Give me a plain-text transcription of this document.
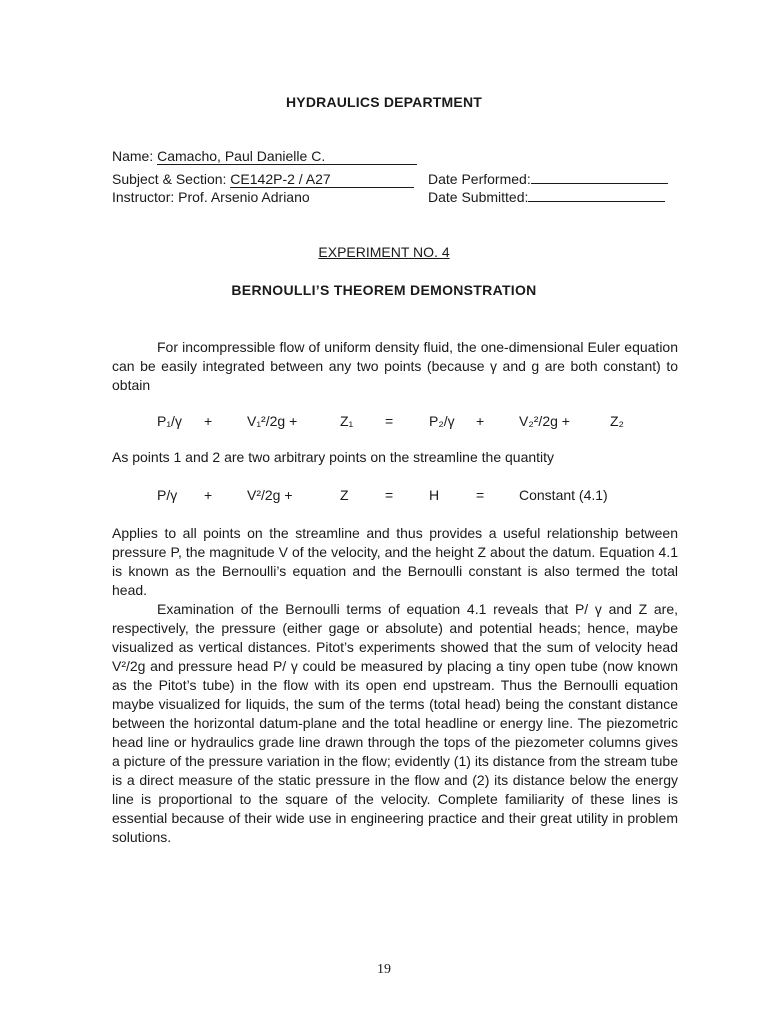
HYDRAULICS DEPARTMENT
Name: Camacho, Paul Danielle C.
Subject & Section: CE142P-2 / A27	Date Performed:
Instructor: Prof. Arsenio Adriano	Date Submitted:
EXPERIMENT NO. 4
BERNOULLI’S THEOREM DEMONSTRATION

For incompressible flow of uniform density fluid, the one-dimensional Euler equation can be easily integrated between any two points (because γ and g are both constant) to obtain

P₁/γ + V₁²/2g +	Z₁ =	P₂/γ + V₂²/2g +	Z₂
As points 1 and 2 are two arbitrary points on the streamline the quantity
P/γ + V²/2g +	Z	=	H	= Constant (4.1)

Applies to all points on the streamline and thus provides a useful relationship between pressure P, the magnitude V of the velocity, and the height Z about the datum. Equation 4.1 is known as the Bernoulli’s equation and the Bernoulli constant is also termed the total head.

Examination of the Bernoulli terms of equation 4.1 reveals that P/ γ and Z are, respectively, the pressure (either gage or absolute) and potential heads; hence, maybe visualized as vertical distances. Pitot’s experiments showed that the sum of velocity head V²/2g and pressure head P/ γ could be measured by placing a tiny open tube (now known as the Pitot’s tube) in the flow with its open end upstream. Thus the Bernoulli equation maybe visualized for liquids, the sum of the terms (total head) being the constant distance between the horizontal datum-plane and the total headline or energy line. The piezometric head line or hydraulics grade line drawn through the tops of the piezometer columns gives a picture of the pressure variation in the flow; evidently (1) its distance from the stream tube is a direct measure of the static pressure in the flow and (2) its distance below the energy line is proportional to the square of the velocity. Complete familiarity of these lines is essential because of their wide use in engineering practice and their great utility in problem solutions.

19
